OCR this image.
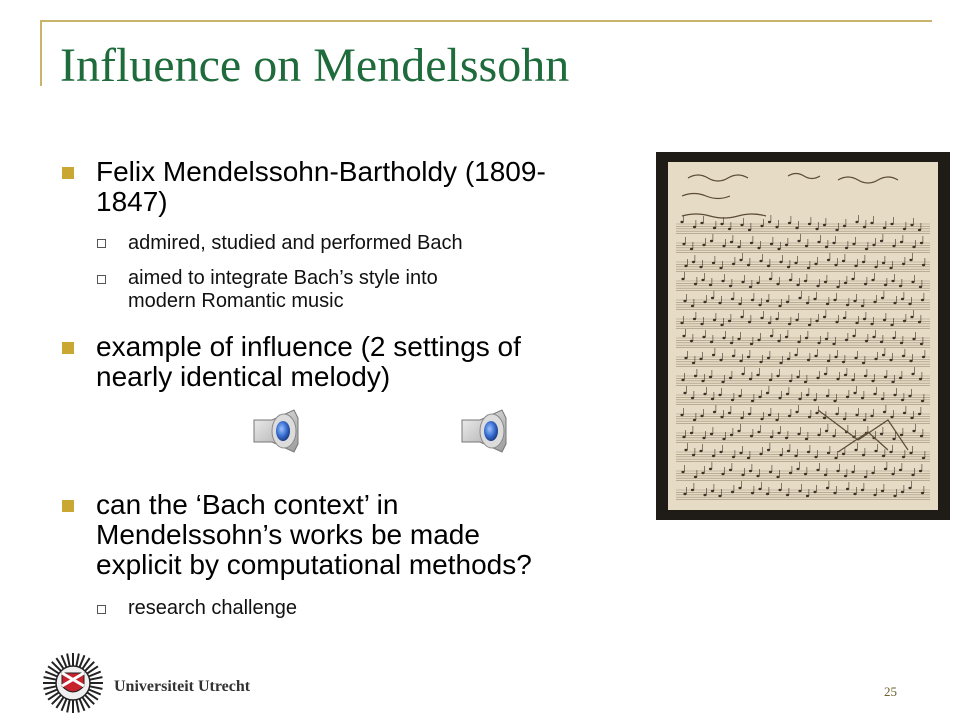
Influence on Mendelssohn
Felix Mendelssohn-Bartholdy (1809-
1847)
admired, studied and performed Bach
aimed to integrate Bach’s style into
modern Romantic music
example of influence (2 settings of
nearly identical melody)
can the ‘Bach context’ in
Mendelssohn’s works be made
explicit by computational methods?
research challenge
Universiteit Utrecht	25
